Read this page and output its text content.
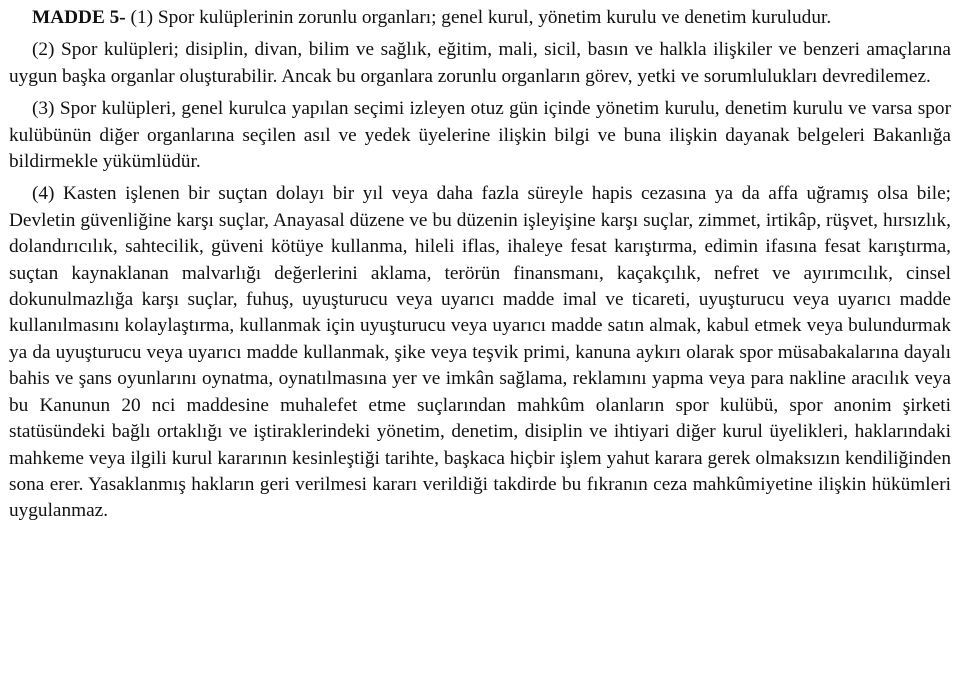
MADDE 5- (1) Spor kulüplerinin zorunlu organları; genel kurul, yönetim kurulu ve denetim kuruludur.

(2) Spor kulüpleri; disiplin, divan, bilim ve sağlık, eğitim, mali, sicil, basın ve halkla ilişkiler ve benzeri amaçlarına uygun başka organlar oluşturabilir. Ancak bu organlara zorunlu organların görev, yetki ve sorumlulukları devredilemez.

(3) Spor kulüpleri, genel kurulca yapılan seçimi izleyen otuz gün içinde yönetim kurulu, denetim kurulu ve varsa spor kulübünün diğer organlarına seçilen asıl ve yedek üyelerine ilişkin bilgi ve buna ilişkin dayanak belgeleri Bakanlığa bildirmekle yükümlüdür.

(4) Kasten işlenen bir suçtan dolayı bir yıl veya daha fazla süreyle hapis cezasına ya da affa uğramış olsa bile; Devletin güvenliğine karşı suçlar, Anayasal düzene ve bu düzenin işleyişine karşı suçlar, zimmet, irtikâp, rüşvet, hırsızlık, dolandırıcılık, sahtecilik, güveni kötüye kullanma, hileli iflas, ihaleye fesat karıştırma, edimin ifasına fesat karıştırma, suçtan kaynaklanan malvarlığı değerlerini aklama, terörün finansmanı, kaçakçılık, nefret ve ayırımcılık, cinsel dokunulmazlığa karşı suçlar, fuhuş, uyuşturucu veya uyarıcı madde imal ve ticareti, uyuşturucu veya uyarıcı madde kullanılmasını kolaylaştırma, kullanmak için uyuşturucu veya uyarıcı madde satın almak, kabul etmek veya bulundurmak ya da uyuşturucu veya uyarıcı madde kullanmak, şike veya teşvik primi, kanuna aykırı olarak spor müsabakalarına dayalı bahis ve şans oyunlarını oynatma, oynatılmasına yer ve imkân sağlama, reklamını yapma veya para nakline aracılık veya bu Kanunun 20 nci maddesine muhalefet etme suçlarından mahkûm olanların spor kulübü, spor anonim şirketi statüsündeki bağlı ortaklığı ve iştiraklerindeki yönetim, denetim, disiplin ve ihtiyari diğer kurul üyelikleri, haklarındaki mahkeme veya ilgili kurul kararının kesinleştiği tarihte, başkaca hiçbir işlem yahut karara gerek olmaksızın kendiliğinden sona erer. Yasaklanmış hakların geri verilmesi kararı verildiği takdirde bu fıkranın ceza mahkûmiyetine ilişkin hükümleri uygulanmaz.
